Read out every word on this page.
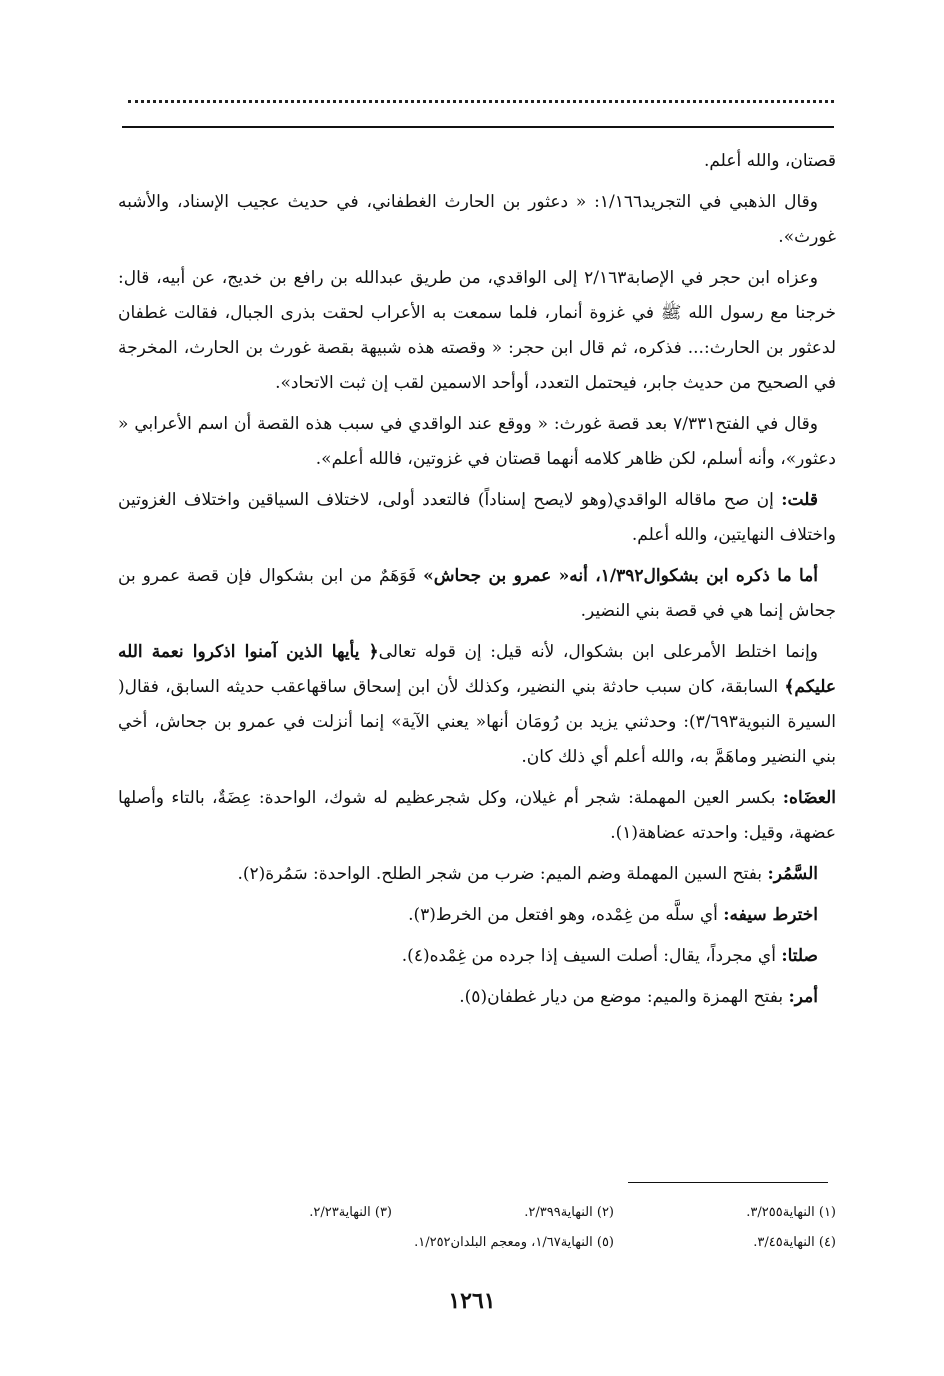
قصتان، والله أعلم.

وقال الذهبي في التجريد١/١٦٦: « دعثور بن الحارث الغطفاني، في حديث عجيب الإسناد، والأشبه غورث».

وعزاه ابن حجر في الإصابة٢/١٦٣ إلى الواقدي، من طريق عبدالله بن رافع بن خديج، عن أبيه، قال: خرجنا مع رسول الله ﷺ في غزوة أنمار، فلما سمعت به الأعراب لحقت بذرى الجبال، فقالت غطفان لدعثور بن الحارث:... فذكره، ثم قال ابن حجر: « وقصته هذه شبيهة بقصة غورث بن الحارث، المخرجة في الصحيح من حديث جابر، فيحتمل التعدد، أوأحد الاسمين لقب إن ثبت الاتحاد».

وقال في الفتح٧/٣٣١ بعد قصة غورث: « ووقع عند الواقدي في سبب هذه القصة أن اسم الأعرابي « دعثور»، وأنه أسلم، لكن ظاهر كلامه أنهما قصتان في غزوتين، فالله أعلم».

قلت: إن صح ماقاله الواقدي(وهو لايصح إسناداً) فالتعدد أولى، لاختلاف السياقين واختلاف الغزوتين واختلاف النهايتين، والله أعلم.

أما ما ذكره ابن بشكوال١/٣٩٢، أنه« عمرو بن جحاش» فَوَهَمٌ من ابن بشكوال فإن قصة عمرو بن جحاش إنما هي في قصة بني النضير.

وإنما اختلط الأمرعلى ابن بشكوال، لأنه قيل: إن قوله تعالى﴿ يأيها الذين آمنوا اذكروا نعمة الله عليكم﴾ السابقة، كان سبب حادثة بني النضير، وكذلك لأن ابن إسحاق ساقهاعقب حديثه السابق، فقال( السيرة النبوية٣/٦٩٣): وحدثني يزيد بن رُومَان أنها« يعني الآية» إنما أنزلت في عمرو بن جحاش، أخي بني النضير وماهَمَّ به، والله أعلم أي ذلك كان.

العضَاه: بكسر العين المهملة: شجر أم غيلان، وكل شجرعظيم له شوك، الواحدة: عِضَةٌ، بالتاء وأصلها عضهة، وقيل: واحدته عضاهة(١).

السَّمُر: بفتح السين المهملة وضم الميم: ضرب من شجر الطلح. الواحدة: سَمُرة(٢).

اخترط سيفه: أي سلَّه من غِمْده، وهو افتعل من الخرط(٣).

صلتا: أي مجرداً، يقال: أصلت السيف إذا جرده من غِمْده(٤).

أمر: بفتح الهمزة والميم: موضع من ديار غطفان(٥).

(١) النهاية٣/٢٥٥.
(٢) النهاية٢/٣٩٩.
(٣) النهاية٢/٢٣.
(٤) النهاية٣/٤٥.
(٥) النهاية١/٦٧، ومعجم البلدان١/٢٥٢.
١٢٦١
